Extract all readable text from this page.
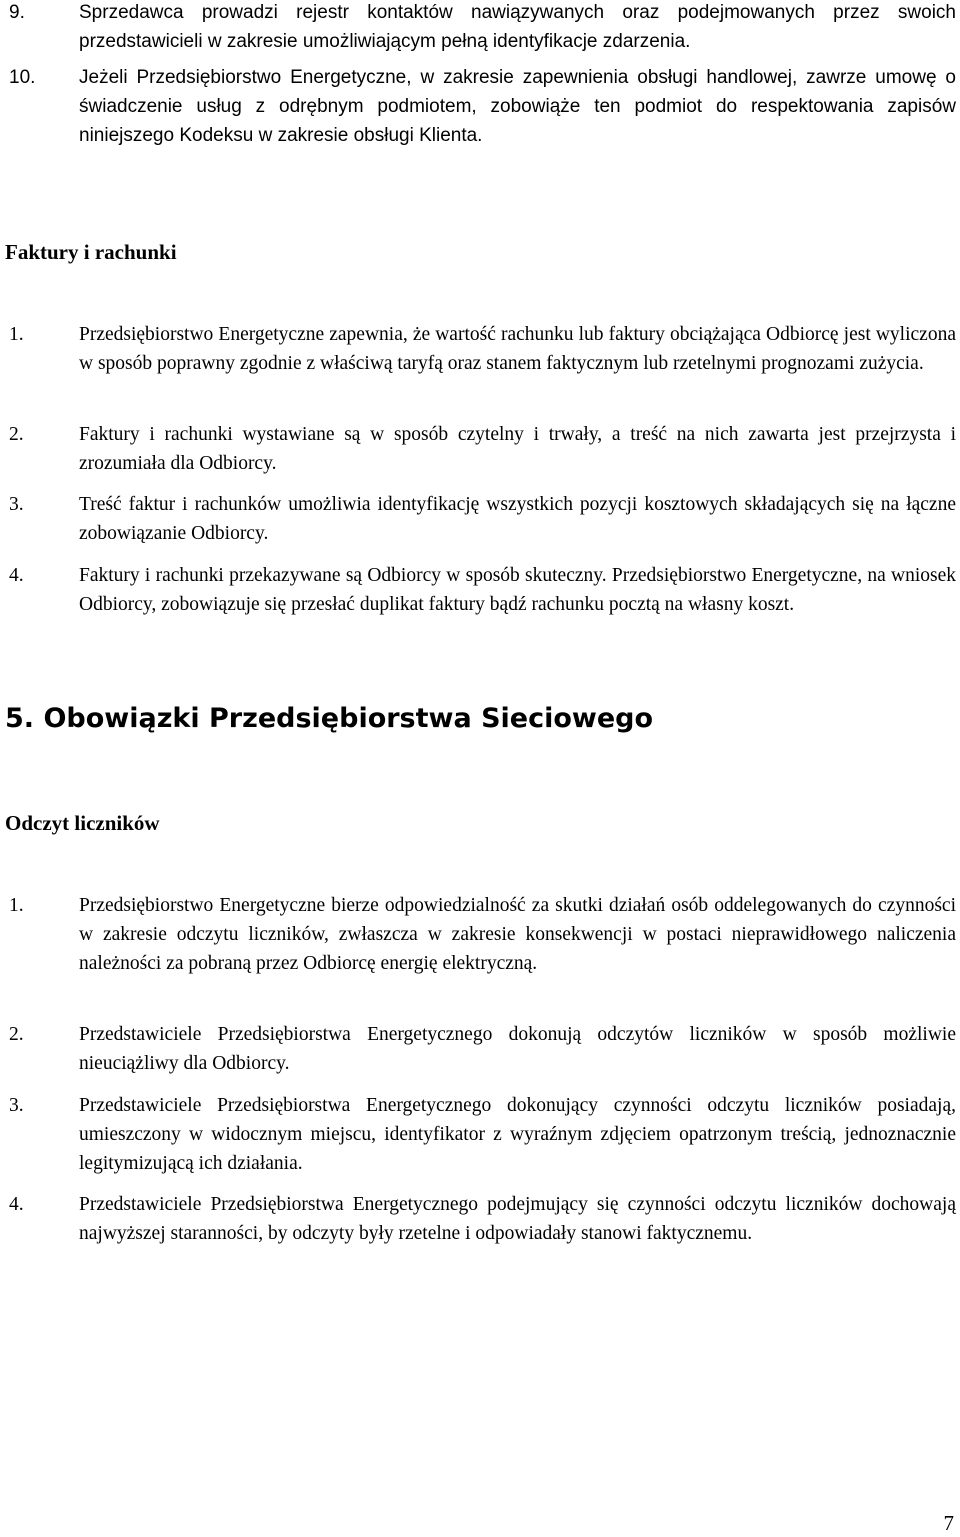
9.	Sprzedawca prowadzi rejestr kontaktów nawiązywanych oraz podejmowanych przez swoich przedstawicieli w zakresie umożliwiającym pełną identyfikacje zdarzenia.
10. Jeżeli Przedsiębiorstwo Energetyczne, w zakresie zapewnienia obsługi handlowej, zawrze umowę o świadczenie usług z odrębnym podmiotem, zobowiąże ten podmiot do respektowania zapisów niniejszego Kodeksu w zakresie obsługi Klienta.
Faktury i rachunki
1.	Przedsiębiorstwo Energetyczne zapewnia, że wartość rachunku lub faktury obciążająca Odbiorcę jest wyliczona w sposób poprawny zgodnie z właściwą taryfą oraz stanem faktycznym lub rzetelnymi prognozami zużycia.
2.	Faktury i rachunki wystawiane są w sposób czytelny i trwały, a treść na nich zawarta jest przejrzysta i zrozumiała dla Odbiorcy.
3.	Treść faktur i rachunków umożliwia identyfikację wszystkich pozycji kosztowych składających się na łączne zobowiązanie Odbiorcy.
4.	Faktury i rachunki przekazywane są Odbiorcy w sposób skuteczny. Przedsiębiorstwo Energetyczne, na wniosek Odbiorcy, zobowiązuje się przesłać duplikat faktury bądź rachunku pocztą na własny koszt.
5. Obowiązki Przedsiębiorstwa Sieciowego
Odczyt liczników
1.	Przedsiębiorstwo Energetyczne bierze odpowiedzialność za skutki działań osób oddelegowanych do czynności w zakresie odczytu liczników, zwłaszcza w zakresie konsekwencji w postaci nieprawidłowego naliczenia należności za pobraną przez Odbiorcę energię elektryczną.
2.	Przedstawiciele Przedsiębiorstwa Energetycznego dokonują odczytów liczników w sposób możliwie nieuciążliwy dla Odbiorcy.
3.	Przedstawiciele Przedsiębiorstwa Energetycznego dokonujący czynności odczytu liczników posiadają, umieszczony w widocznym miejscu, identyfikator z wyraźnym zdjęciem opatrzonym treścią, jednoznacznie legitymizującą ich działania.
4.	Przedstawiciele Przedsiębiorstwa Energetycznego podejmujący się czynności odczytu liczników dochowają najwyższej staranności, by odczyty były rzetelne i odpowiadały stanowi faktycznemu.
7
